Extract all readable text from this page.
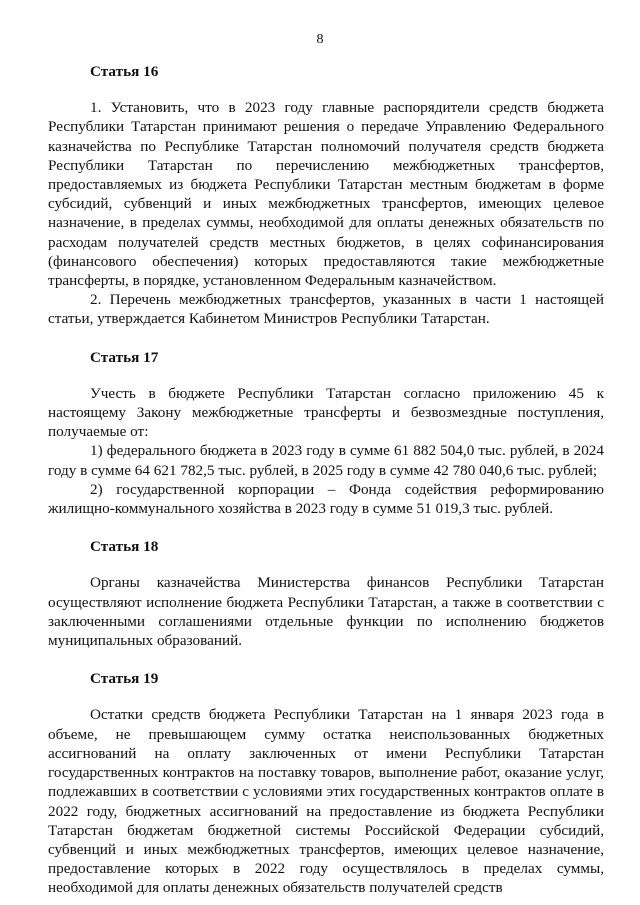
8
Статья 16

1. Установить, что в 2023 году главные распорядители средств бюджета Республики Татарстан принимают решения о передаче Управлению Федерального казначейства по Республике Татарстан полномочий получателя средств бюджета Республики Татарстан по перечислению межбюджетных трансфертов, предоставляемых из бюджета Республики Татарстан местным бюджетам в форме субсидий, субвенций и иных межбюджетных трансфертов, имеющих целевое назначение, в пределах суммы, необходимой для оплаты денежных обязательств по расходам получателей средств местных бюджетов, в целях софинансирования (финансового обеспечения) которых предоставляются такие межбюджетные трансферты, в порядке, установленном Федеральным казначейством.

2. Перечень межбюджетных трансфертов, указанных в части 1 настоящей статьи, утверждается Кабинетом Министров Республики Татарстан.

Статья 17

Учесть в бюджете Республики Татарстан согласно приложению 45 к настоящему Закону межбюджетные трансферты и безвозмездные поступления, получаемые от:

1) федерального бюджета в 2023 году в сумме 61 882 504,0 тыс. рублей, в 2024 году в сумме 64 621 782,5 тыс. рублей, в 2025 году в сумме 42 780 040,6 тыс. рублей;

2) государственной корпорации – Фонда содействия реформированию жилищно-коммунального хозяйства в 2023 году в сумме 51 019,3 тыс. рублей.

Статья 18

Органы казначейства Министерства финансов Республики Татарстан осуществляют исполнение бюджета Республики Татарстан, а также в соответствии с заключенными соглашениями отдельные функции по исполнению бюджетов муниципальных образований.

Статья 19

Остатки средств бюджета Республики Татарстан на 1 января 2023 года в объеме, не превышающем сумму остатка неиспользованных бюджетных ассигнований на оплату заключенных от имени Республики Татарстан государственных контрактов на поставку товаров, выполнение работ, оказание услуг, подлежавших в соответствии с условиями этих государственных контрактов оплате в 2022 году, бюджетных ассигнований на предоставление из бюджета Республики Татарстан бюджетам бюджетной системы Российской Федерации субсидий, субвенций и иных межбюджетных трансфертов, имеющих целевое назначение, предоставление которых в 2022 году осуществлялось в пределах суммы, необходимой для оплаты денежных обязательств получателей средств
